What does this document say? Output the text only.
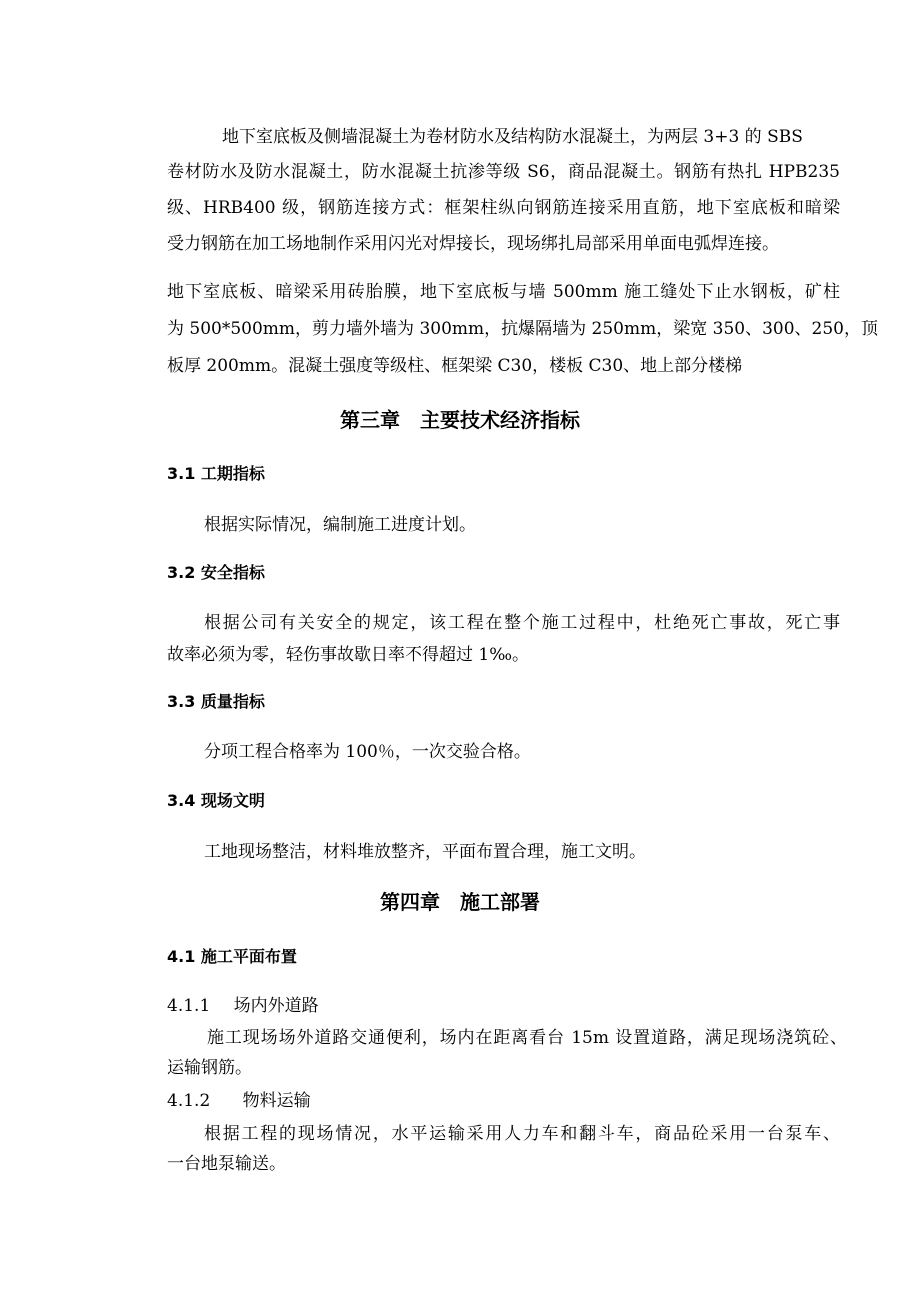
地下室底板及侧墙混凝土为卷材防水及结构防水混凝土，为两层 3+3 的 SBS
卷材防水及防水混凝土，防水混凝土抗渗等级 S6，商品混凝土。钢筋有热扎 HPB235
级、HRB400 级，钢筋连接方式：框架柱纵向钢筋连接采用直筋，地下室底板和暗梁
受力钢筋在加工场地制作采用闪光对焊接长，现场绑扎局部采用单面电弧焊连接。
地下室底板、暗梁采用砖胎膜，地下室底板与墙 500mm 施工缝处下止水钢板，矿柱
为 500*500mm，剪力墙外墙为 300mm，抗爆隔墙为 250mm，梁宽 350、300、250，顶
板厚 200mm。混凝土强度等级柱、框架梁 C30，楼板 C30、地上部分楼梯
第三章　主要技术经济指标
3.1 工期指标
根据实际情况，编制施工进度计划。
3.2 安全指标
根据公司有关安全的规定，该工程在整个施工过程中，杜绝死亡事故，死亡事
故率必须为零，轻伤事故歇日率不得超过 1‰。
3.3 质量指标
分项工程合格率为 100％，一次交验合格。
3.4 现场文明
工地现场整洁，材料堆放整齐，平面布置合理，施工文明。
第四章　施工部署
4.1 施工平面布置
4.1.1 场内外道路
施工现场场外道路交通便利，场内在距离看台 15m 设置道路，满足现场浇筑砼、
运输钢筋。
4.1.2 物料运输
根据工程的现场情况，水平运输采用人力车和翻斗车，商品砼采用一台泵车、
一台地泵输送。
